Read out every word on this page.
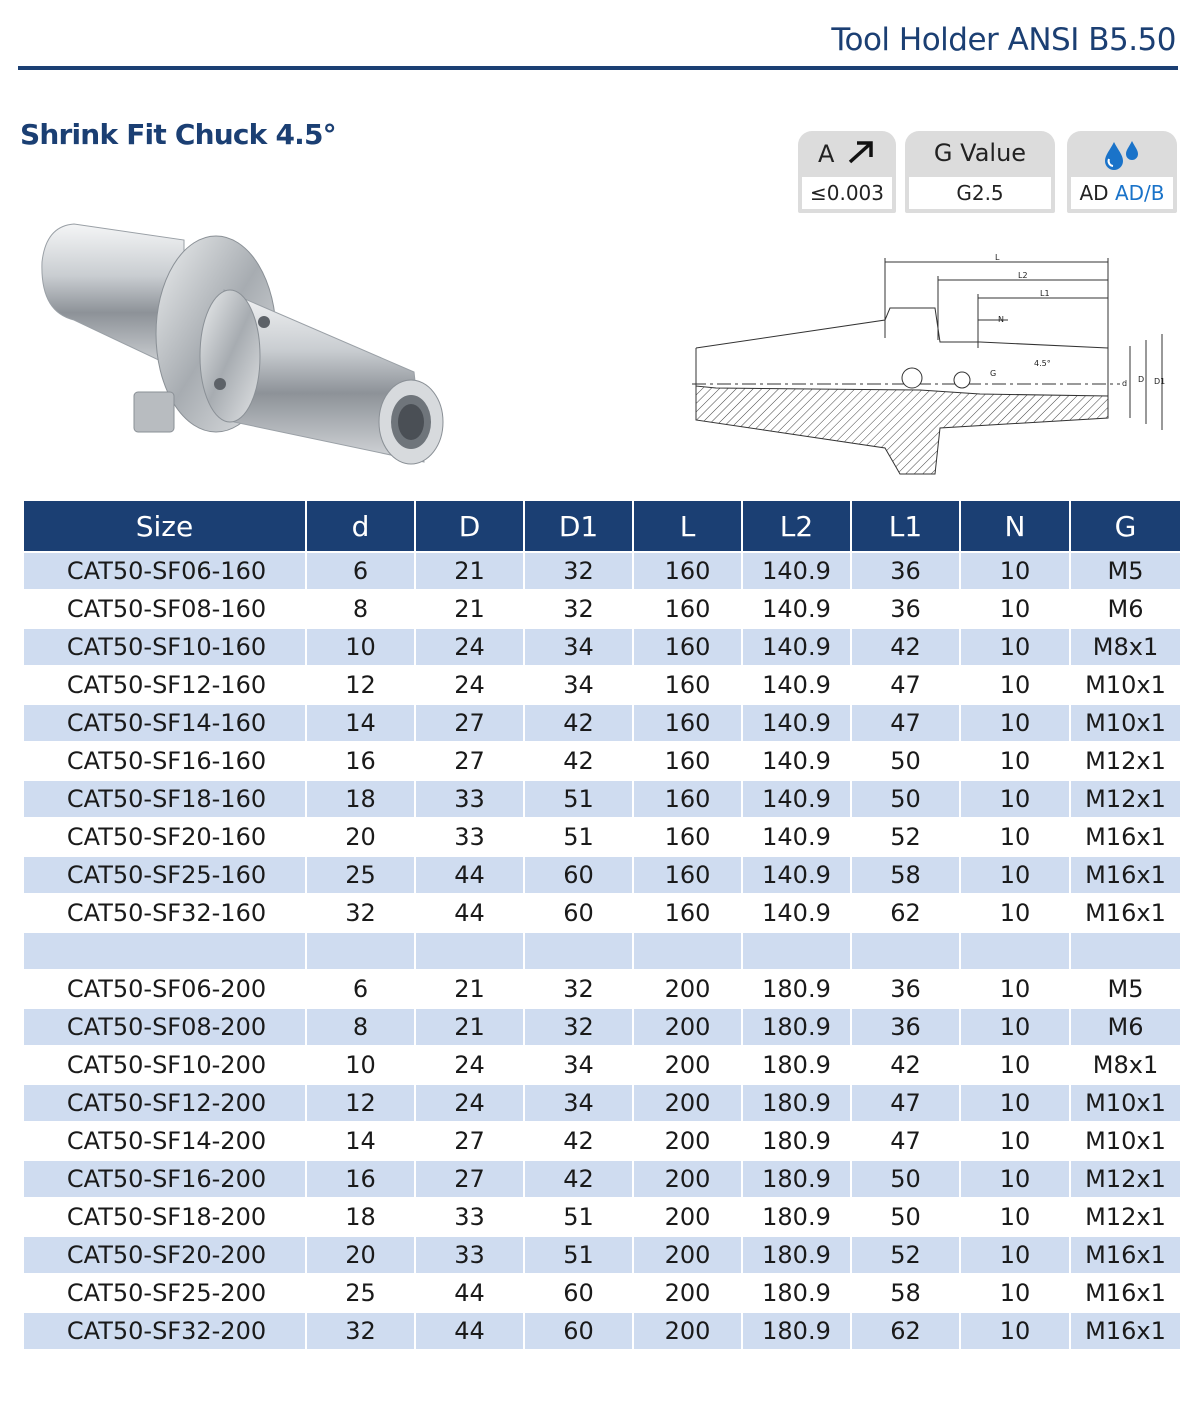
Tool Holder ANSI B5.50
Shrink Fit Chuck 4.5°
A
≤0.003
G Value
G2.5	AD AD/B
L
L2
L1
N
G
4.5°
d D D1
Size	d	D	D1	L	L2	L1	N	G
CAT50-SF06-160	6	21	32	160	140.9	36	10	M5
CAT50-SF08-160	8	21	32	160	140.9	36	10	M6
CAT50-SF10-160	10	24	34	160	140.9	42	10	M8x1
CAT50-SF12-160	12	24	34	160	140.9	47	10	M10x1
CAT50-SF14-160	14	27	42	160	140.9	47	10	M10x1
CAT50-SF16-160	16	27	42	160	140.9	50	10	M12x1
CAT50-SF18-160	18	33	51	160	140.9	50	10	M12x1
CAT50-SF20-160	20	33	51	160	140.9	52	10	M16x1
CAT50-SF25-160	25	44	60	160	140.9	58	10	M16x1
CAT50-SF32-160	32	44	60	160	140.9	62	10	M16x1

CAT50-SF06-200	6	21	32	200	180.9	36	10	M5
CAT50-SF08-200	8	21	32	200	180.9	36	10	M6
CAT50-SF10-200	10	24	34	200	180.9	42	10	M8x1
CAT50-SF12-200	12	24	34	200	180.9	47	10	M10x1
CAT50-SF14-200	14	27	42	200	180.9	47	10	M10x1
CAT50-SF16-200	16	27	42	200	180.9	50	10	M12x1
CAT50-SF18-200	18	33	51	200	180.9	50	10	M12x1
CAT50-SF20-200	20	33	51	200	180.9	52	10	M16x1
CAT50-SF25-200	25	44	60	200	180.9	58	10	M16x1
CAT50-SF32-200	32	44	60	200	180.9	62	10	M16x1
